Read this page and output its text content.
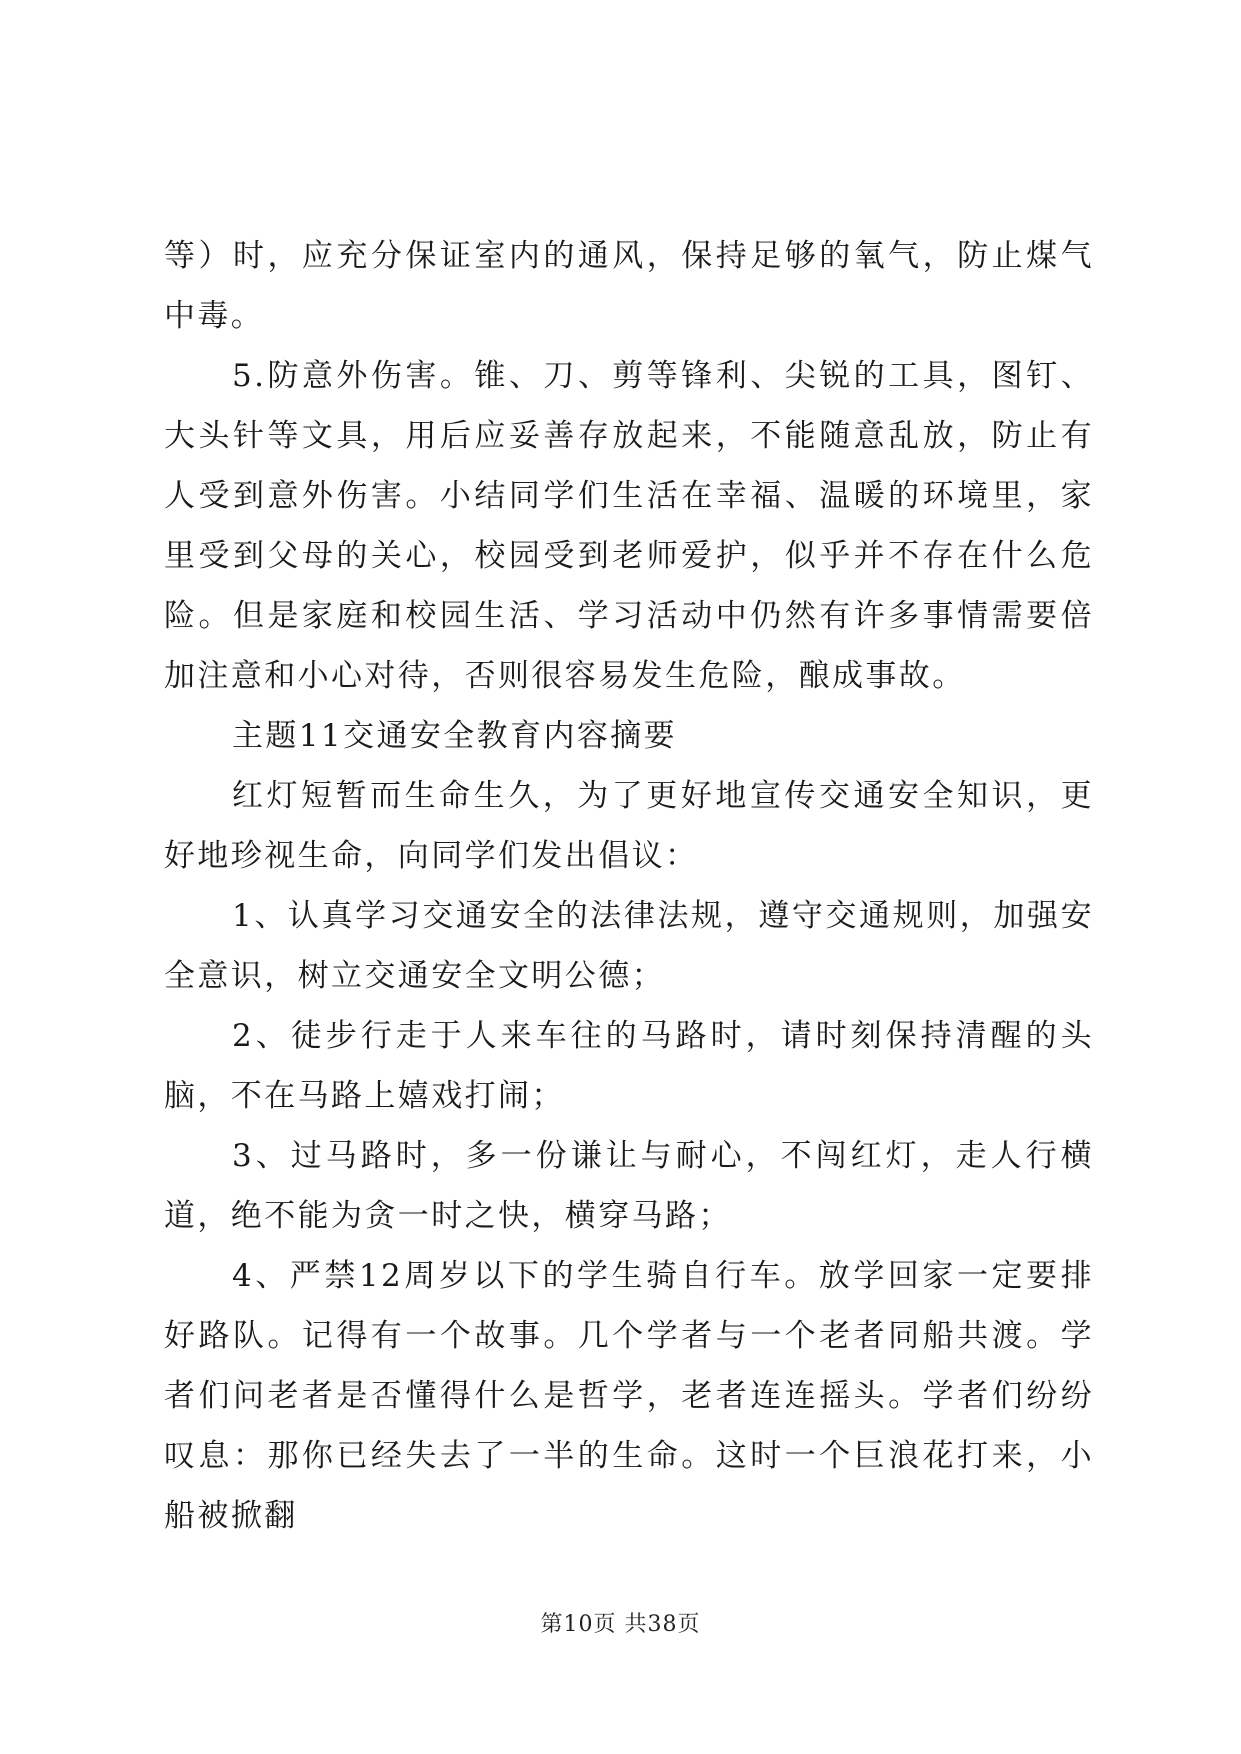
等）时，应充分保证室内的通风，保持足够的氧气，防止煤气中毒。

5.防意外伤害。锥、刀、剪等锋利、尖锐的工具，图钉、大头针等文具，用后应妥善存放起来，不能随意乱放，防止有人受到意外伤害。小结同学们生活在幸福、温暖的环境里，家里受到父母的关心，校园受到老师爱护，似乎并不存在什么危险。但是家庭和校园生活、学习活动中仍然有许多事情需要倍加注意和小心对待，否则很容易发生危险，酿成事故。

主题11交通安全教育内容摘要

红灯短暂而生命生久，为了更好地宣传交通安全知识，更好地珍视生命，向同学们发出倡议：

1、认真学习交通安全的法律法规，遵守交通规则，加强安全意识，树立交通安全文明公德；

2、徒步行走于人来车往的马路时，请时刻保持清醒的头脑，不在马路上嬉戏打闹；

3、过马路时，多一份谦让与耐心，不闯红灯，走人行横道，绝不能为贪一时之快，横穿马路；

4、严禁12周岁以下的学生骑自行车。放学回家一定要排好路队。记得有一个故事。几个学者与一个老者同船共渡。学者们问老者是否懂得什么是哲学，老者连连摇头。学者们纷纷叹息：那你已经失去了一半的生命。这时一个巨浪花打来，小船被掀翻

第10页 共38页
